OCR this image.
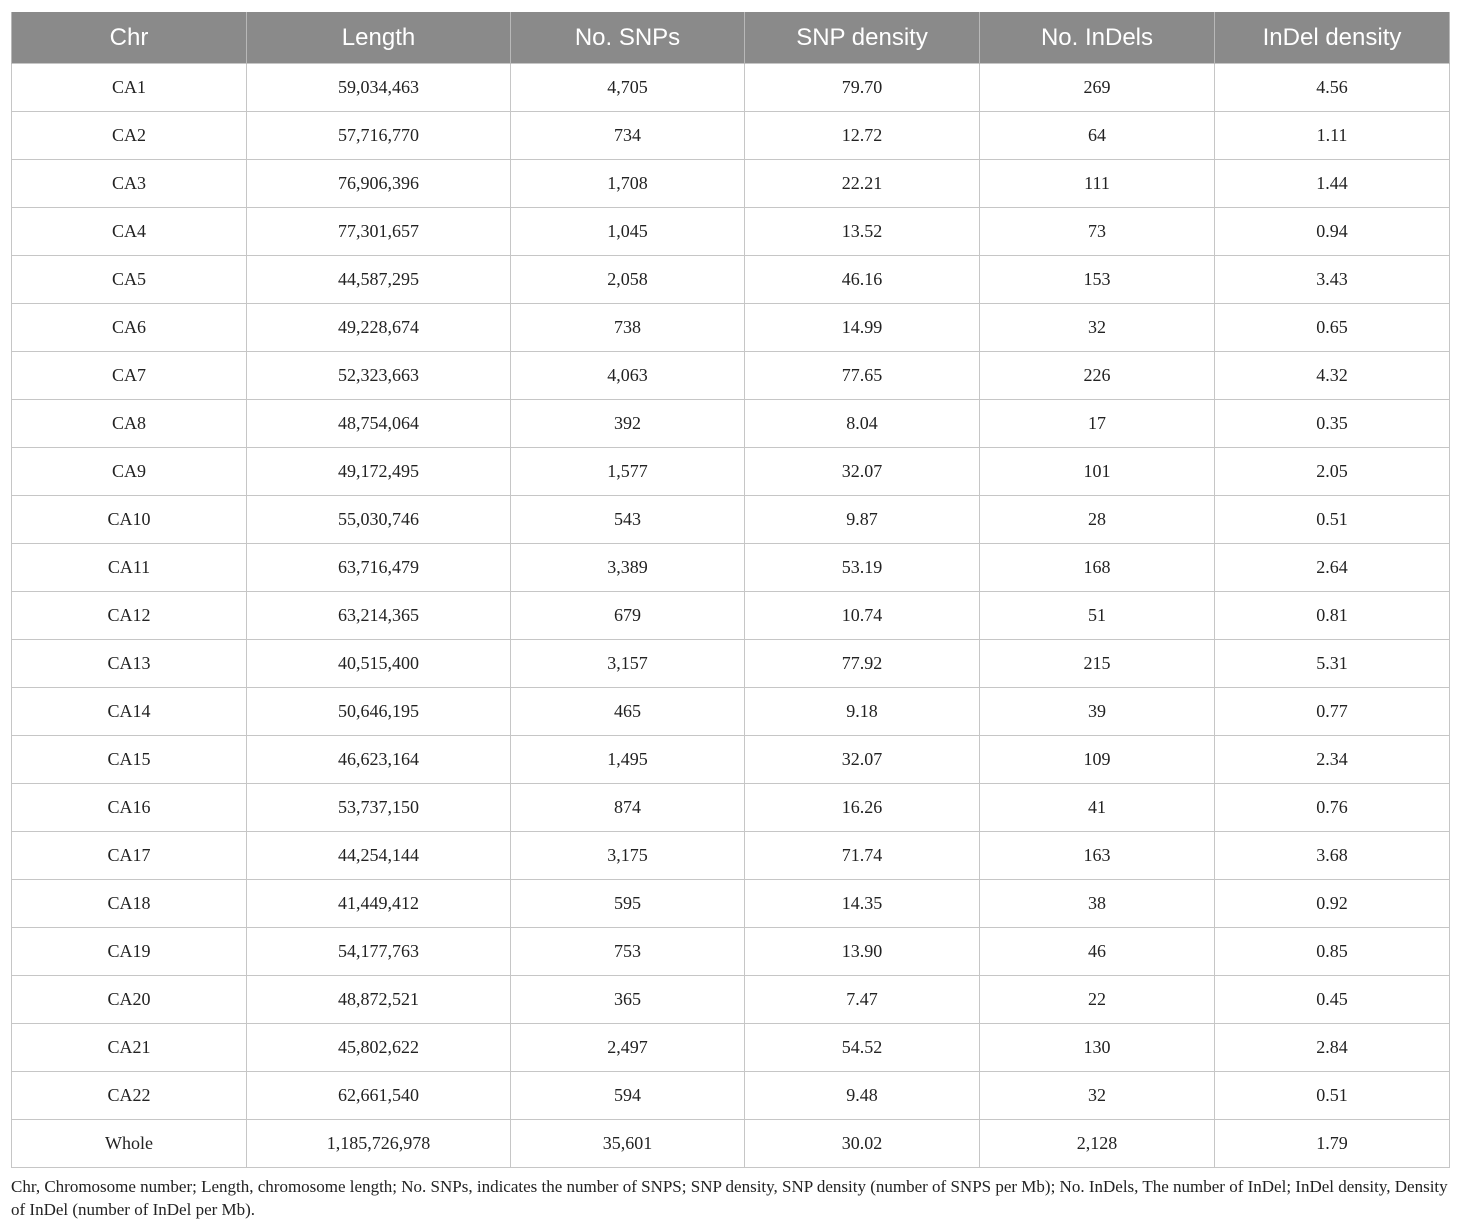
Chr	Length	No. SNPs	SNP density	No. InDels	InDel density
CA1	59,034,463	4,705	79.70	269	4.56
CA2	57,716,770	734	12.72	64	1.11
CA3	76,906,396	1,708	22.21	111	1.44
CA4	77,301,657	1,045	13.52	73	0.94
CA5	44,587,295	2,058	46.16	153	3.43
CA6	49,228,674	738	14.99	32	0.65
CA7	52,323,663	4,063	77.65	226	4.32
CA8	48,754,064	392	8.04	17	0.35
CA9	49,172,495	1,577	32.07	101	2.05
CA10	55,030,746	543	9.87	28	0.51
CA11	63,716,479	3,389	53.19	168	2.64
CA12	63,214,365	679	10.74	51	0.81
CA13	40,515,400	3,157	77.92	215	5.31
CA14	50,646,195	465	9.18	39	0.77
CA15	46,623,164	1,495	32.07	109	2.34
CA16	53,737,150	874	16.26	41	0.76
CA17	44,254,144	3,175	71.74	163	3.68
CA18	41,449,412	595	14.35	38	0.92
CA19	54,177,763	753	13.90	46	0.85
CA20	48,872,521	365	7.47	22	0.45
CA21	45,802,622	2,497	54.52	130	2.84
CA22	62,661,540	594	9.48	32	0.51
Whole	1,185,726,978	35,601	30.02	2,128	1.79
Chr, Chromosome number; Length, chromosome length; No. SNPs, indicates the number of SNPS; SNP density, SNP density (number of SNPS per Mb); No. InDels, The number of InDel; InDel density, Density of InDel (number of InDel per Mb).
